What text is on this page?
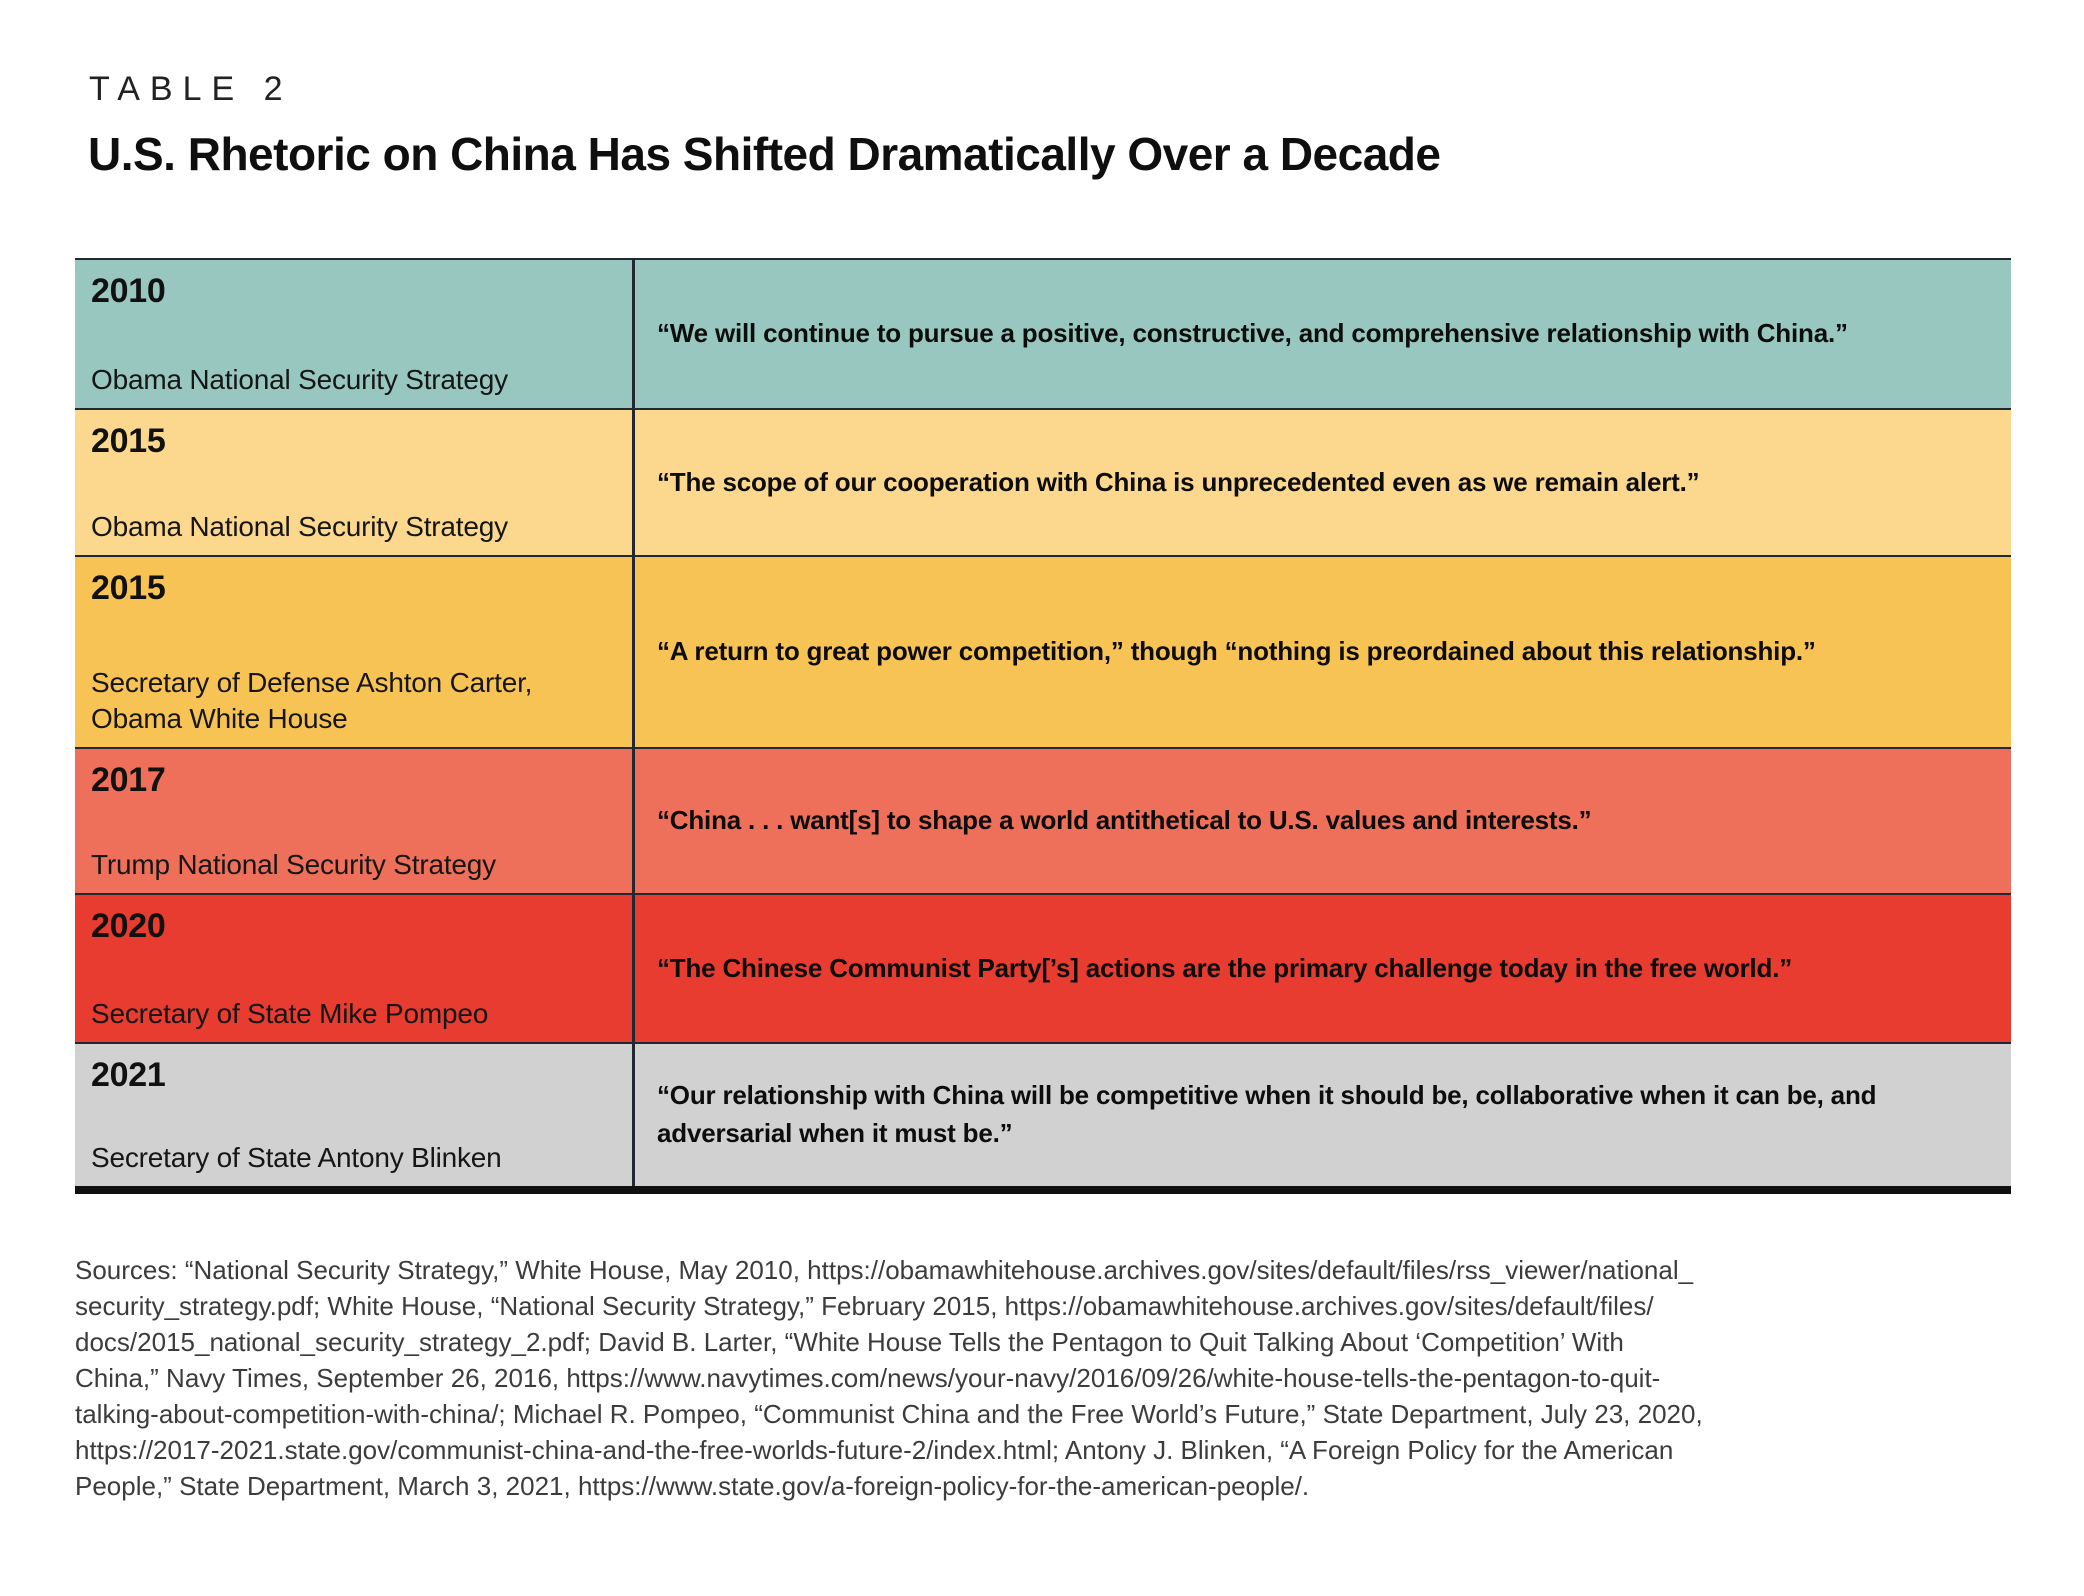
TABLE 2
U.S. Rhetoric on China Has Shifted Dramatically Over a Decade
2010
Obama National Security Strategy
“We will continue to pursue a positive, constructive, and comprehensive relationship with China.”
2015
Obama National Security Strategy
“The scope of our cooperation with China is unprecedented even as we remain alert.”
2015
Secretary of Defense Ashton Carter, Obama White House
“A return to great power competition,” though “nothing is preordained about this relationship.”
2017
Trump National Security Strategy
“China . . . want[s] to shape a world antithetical to U.S. values and interests.”
2020
Secretary of State Mike Pompeo
“The Chinese Communist Party[’s] actions are the primary challenge today in the free world.”
2021
Secretary of State Antony Blinken
“Our relationship with China will be competitive when it should be, collaborative when it can be, and adversarial when it must be.”

Sources: “National Security Strategy,” White House, May 2010, https://obamawhitehouse.archives.gov/sites/default/files/rss_viewer/national_
security_strategy.pdf; White House, “National Security Strategy,” February 2015, https://obamawhitehouse.archives.gov/sites/default/files/
docs/2015_national_security_strategy_2.pdf; David B. Larter, “White House Tells the Pentagon to Quit Talking About ‘Competition’ With
China,” Navy Times, September 26, 2016, https://www.navytimes.com/news/your-navy/2016/09/26/white-house-tells-the-pentagon-to-quit-
talking-about-competition-with-china/; Michael R. Pompeo, “Communist China and the Free World’s Future,” State Department, July 23, 2020,
https://2017-2021.state.gov/communist-china-and-the-free-worlds-future-2/index.html; Antony J. Blinken, “A Foreign Policy for the American
People,” State Department, March 3, 2021, https://www.state.gov/a-foreign-policy-for-the-american-people/.
